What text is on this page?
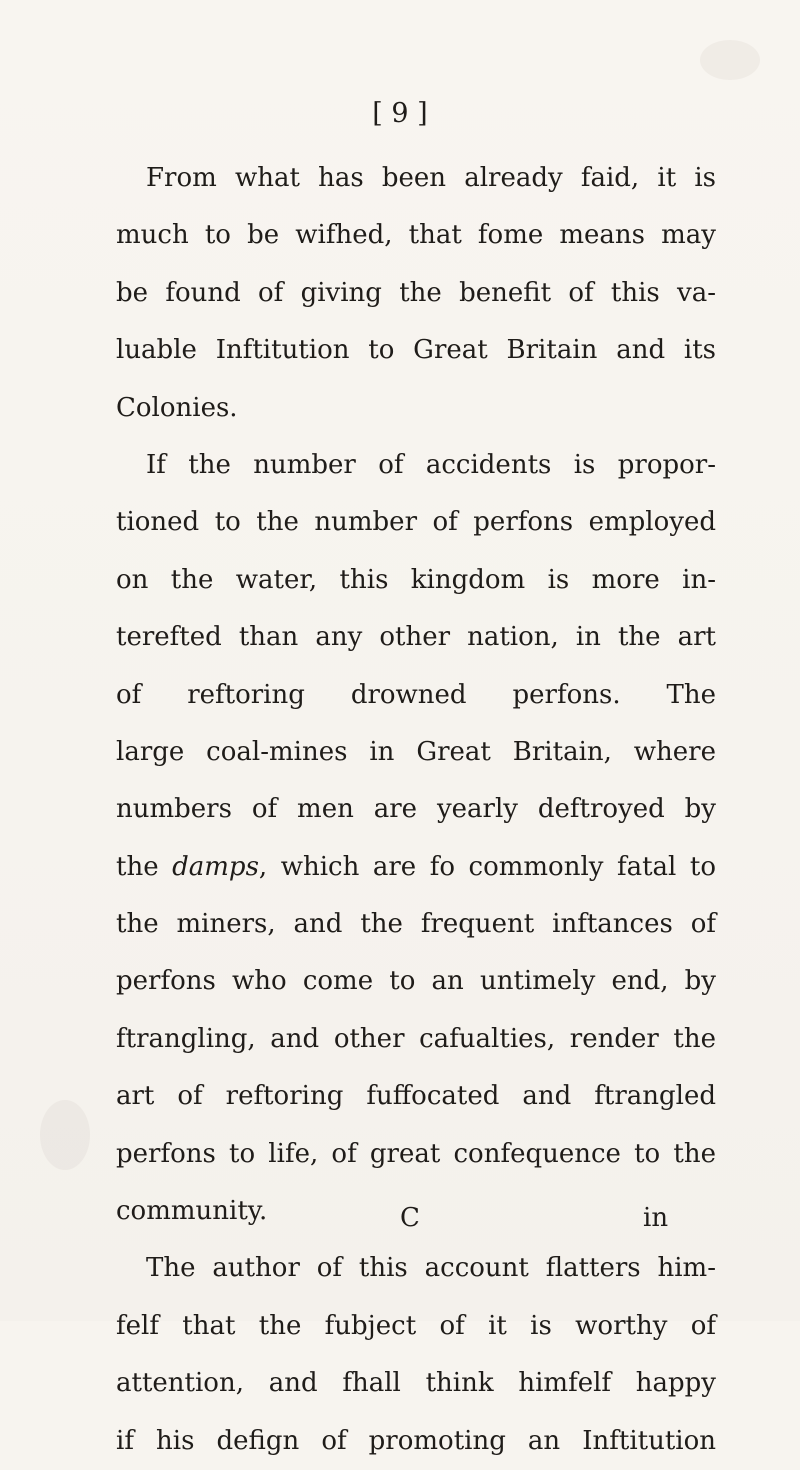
[ 9 ]
From what has been already faid, it is
much to be wifhed, that fome means may
be found of giving the benefit of this va-
luable Inftitution to Great Britain and its
Colonies.
If the number of accidents is propor-
tioned to the number of perfons employed
on the water, this kingdom is more in-
terefted than any other nation, in the art
of reftoring drowned perfons. The
large coal-mines in Great Britain, where
numbers of men are yearly deftroyed by
the damps, which are fo commonly fatal to
the miners, and the frequent inftances of
perfons who come to an untimely end, by
ftrangling, and other cafualties, render the
art of reftoring fuffocated and ftrangled
perfons to life, of great confequence to the
community.
The author of this account flatters him-
felf that the fubject of it is worthy of
attention, and fhall think himfelf happy
if his defign of promoting an Inftitution
C	in
